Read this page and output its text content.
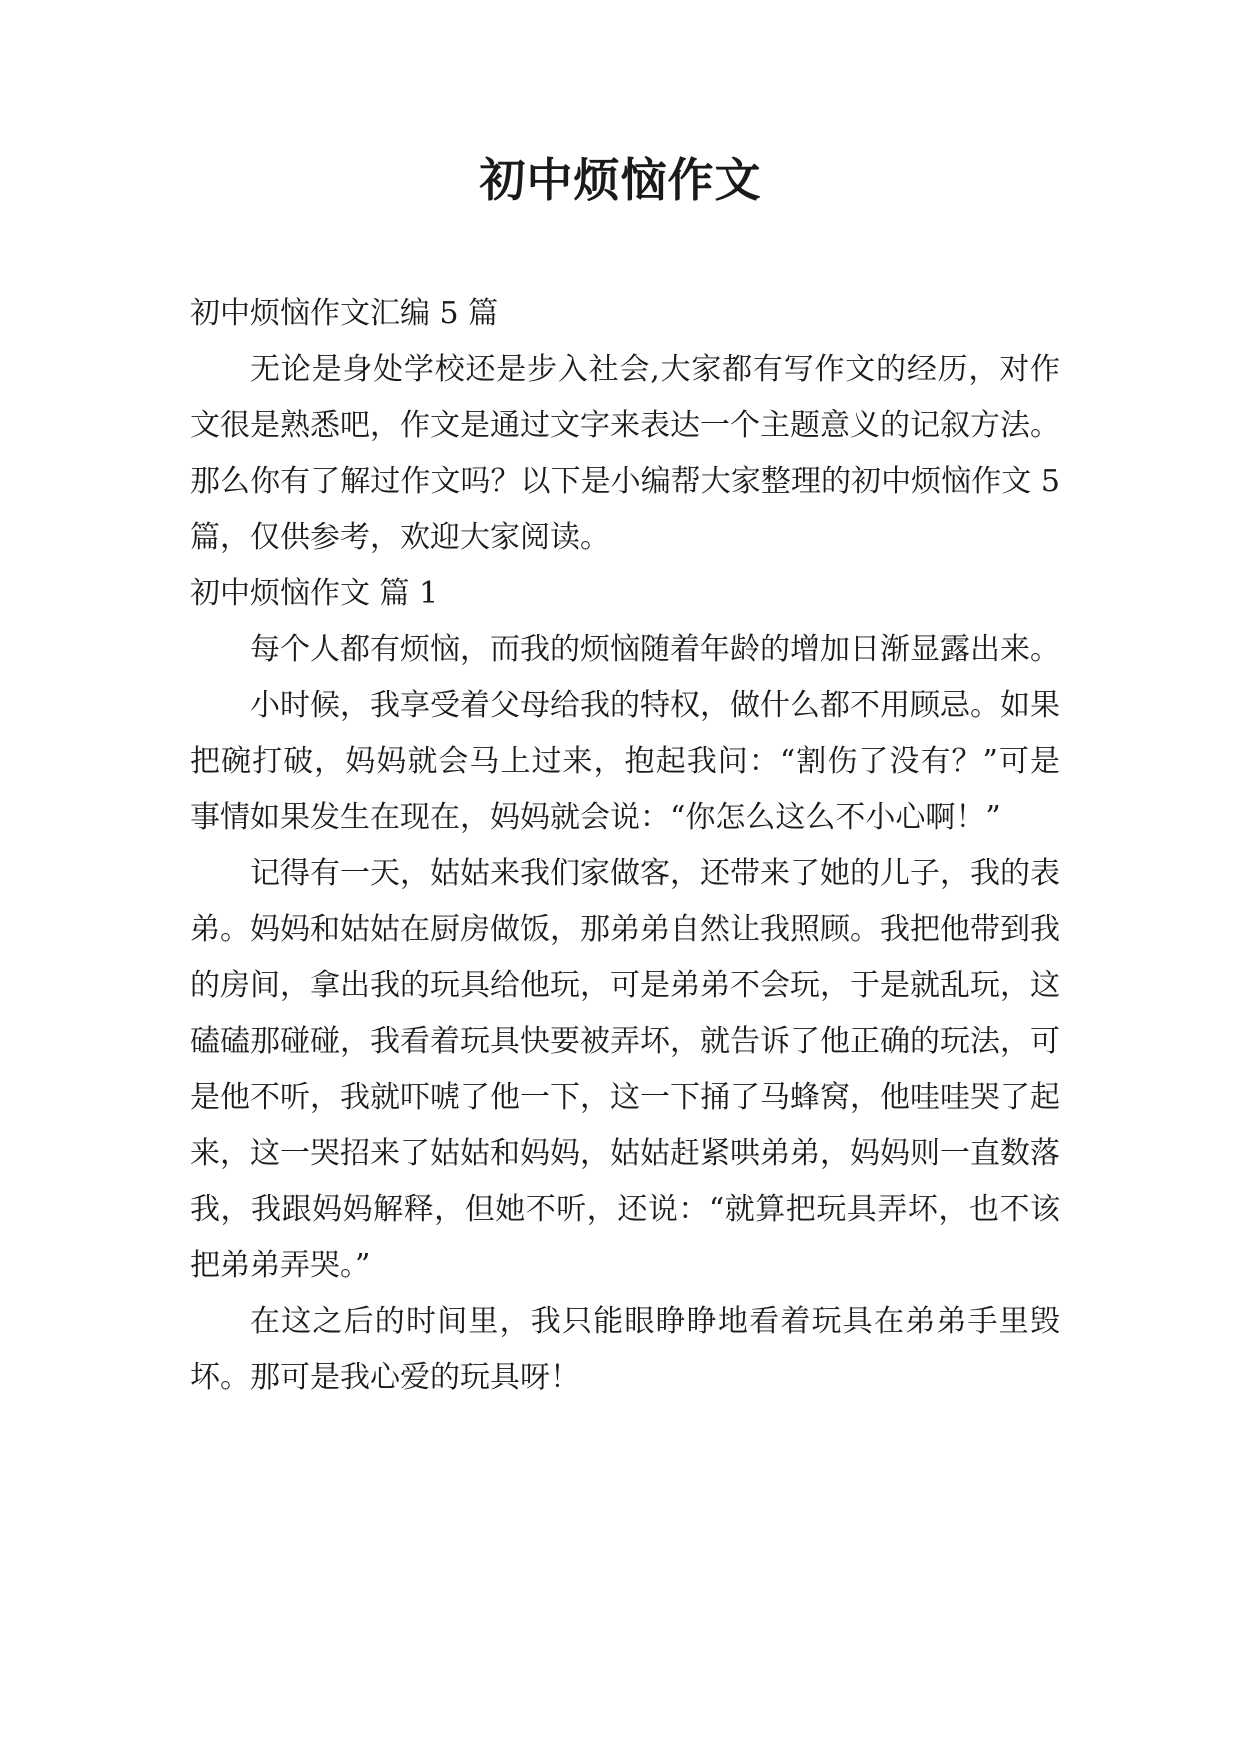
初中烦恼作文

初中烦恼作文汇编 5 篇

无论是身处学校还是步入社会,大家都有写作文的经历，对作文很是熟悉吧，作文是通过文字来表达一个主题意义的记叙方法。那么你有了解过作文吗？以下是小编帮大家整理的初中烦恼作文 5 篇，仅供参考，欢迎大家阅读。

初中烦恼作文 篇 1

每个人都有烦恼，而我的烦恼随着年龄的增加日渐显露出来。

小时候，我享受着父母给我的特权，做什么都不用顾忌。如果把碗打破，妈妈就会马上过来，抱起我问：“割伤了没有？”可是事情如果发生在现在，妈妈就会说：“你怎么这么不小心啊！”

记得有一天，姑姑来我们家做客，还带来了她的儿子，我的表弟。妈妈和姑姑在厨房做饭，那弟弟自然让我照顾。我把他带到我的房间，拿出我的玩具给他玩，可是弟弟不会玩，于是就乱玩，这磕磕那碰碰，我看着玩具快要被弄坏，就告诉了他正确的玩法，可是他不听，我就吓唬了他一下，这一下捅了马蜂窝，他哇哇哭了起来，这一哭招来了姑姑和妈妈，姑姑赶紧哄弟弟，妈妈则一直数落我，我跟妈妈解释，但她不听，还说：“就算把玩具弄坏，也不该把弟弟弄哭。”

在这之后的时间里，我只能眼睁睁地看着玩具在弟弟手里毁坏。那可是我心爱的玩具呀！
